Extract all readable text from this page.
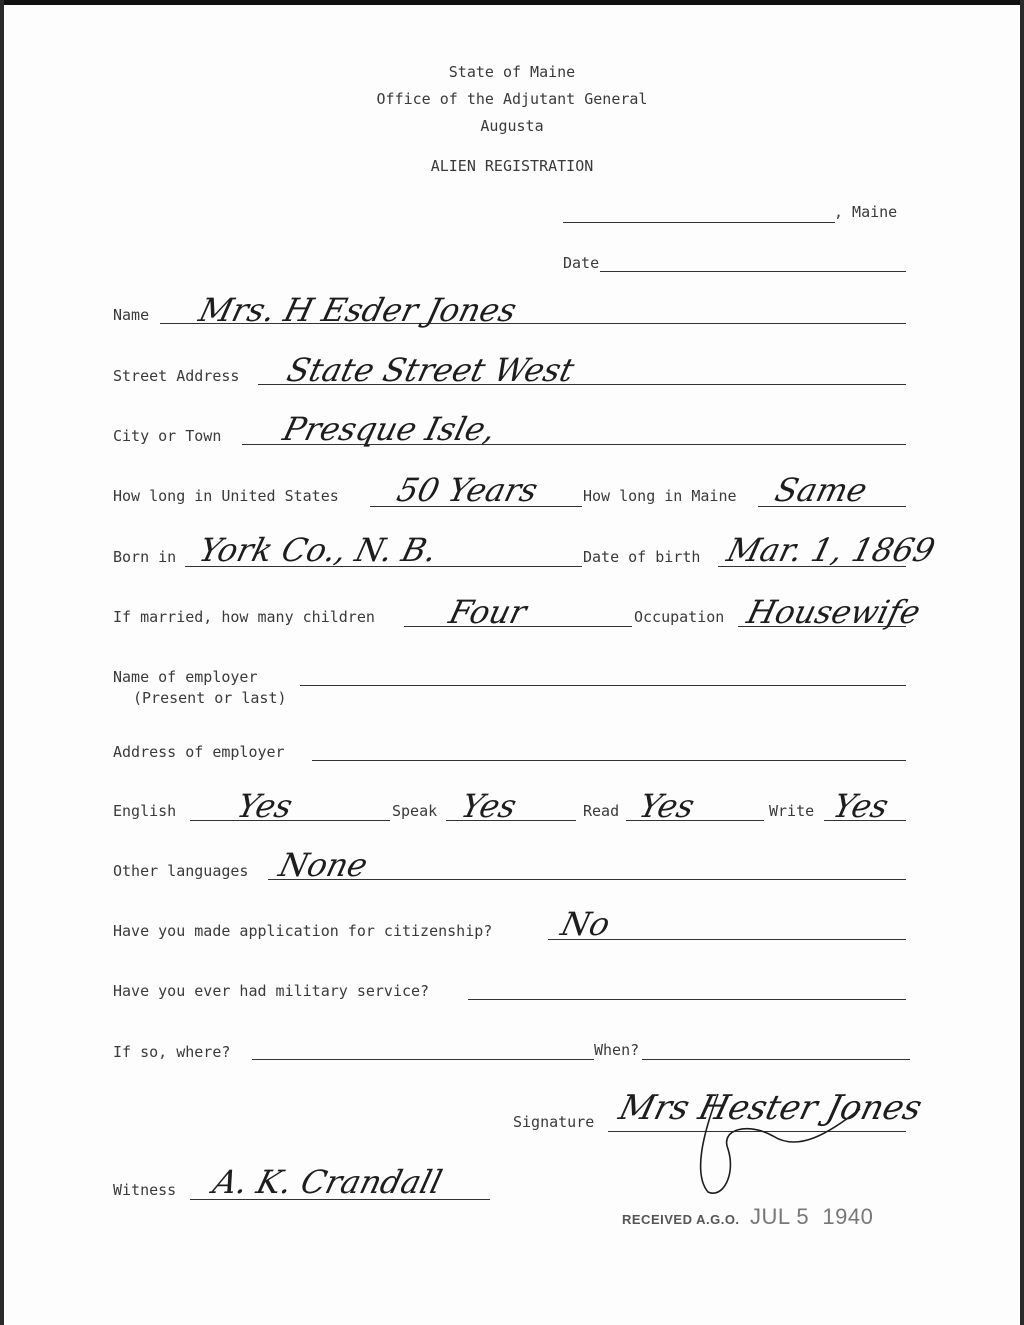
State of Maine
Office of the Adjutant General
Augusta
ALIEN REGISTRATION
, Maine
Date
Name Mrs. H Esder Jones
Street Address State Street West
City or Town Presque Isle,
How long in United States 50 Years	How long in Maine Same
Born in York Co., N. B.	Date of birth Mar. 1, 1869
If married, how many children Four	Occupation Housewife
Name of employer
(Present or last)
Address of employer
English Yes	Speak Yes	Read Yes	Write Yes
Other languages None
Have you made application for citizenship? No
Have you ever had military service?
If so, where?	When?
Signature Mrs Hester Jones
Witness A. K. Crandall
RECEIVED A.G.O. JUL 5  1940
